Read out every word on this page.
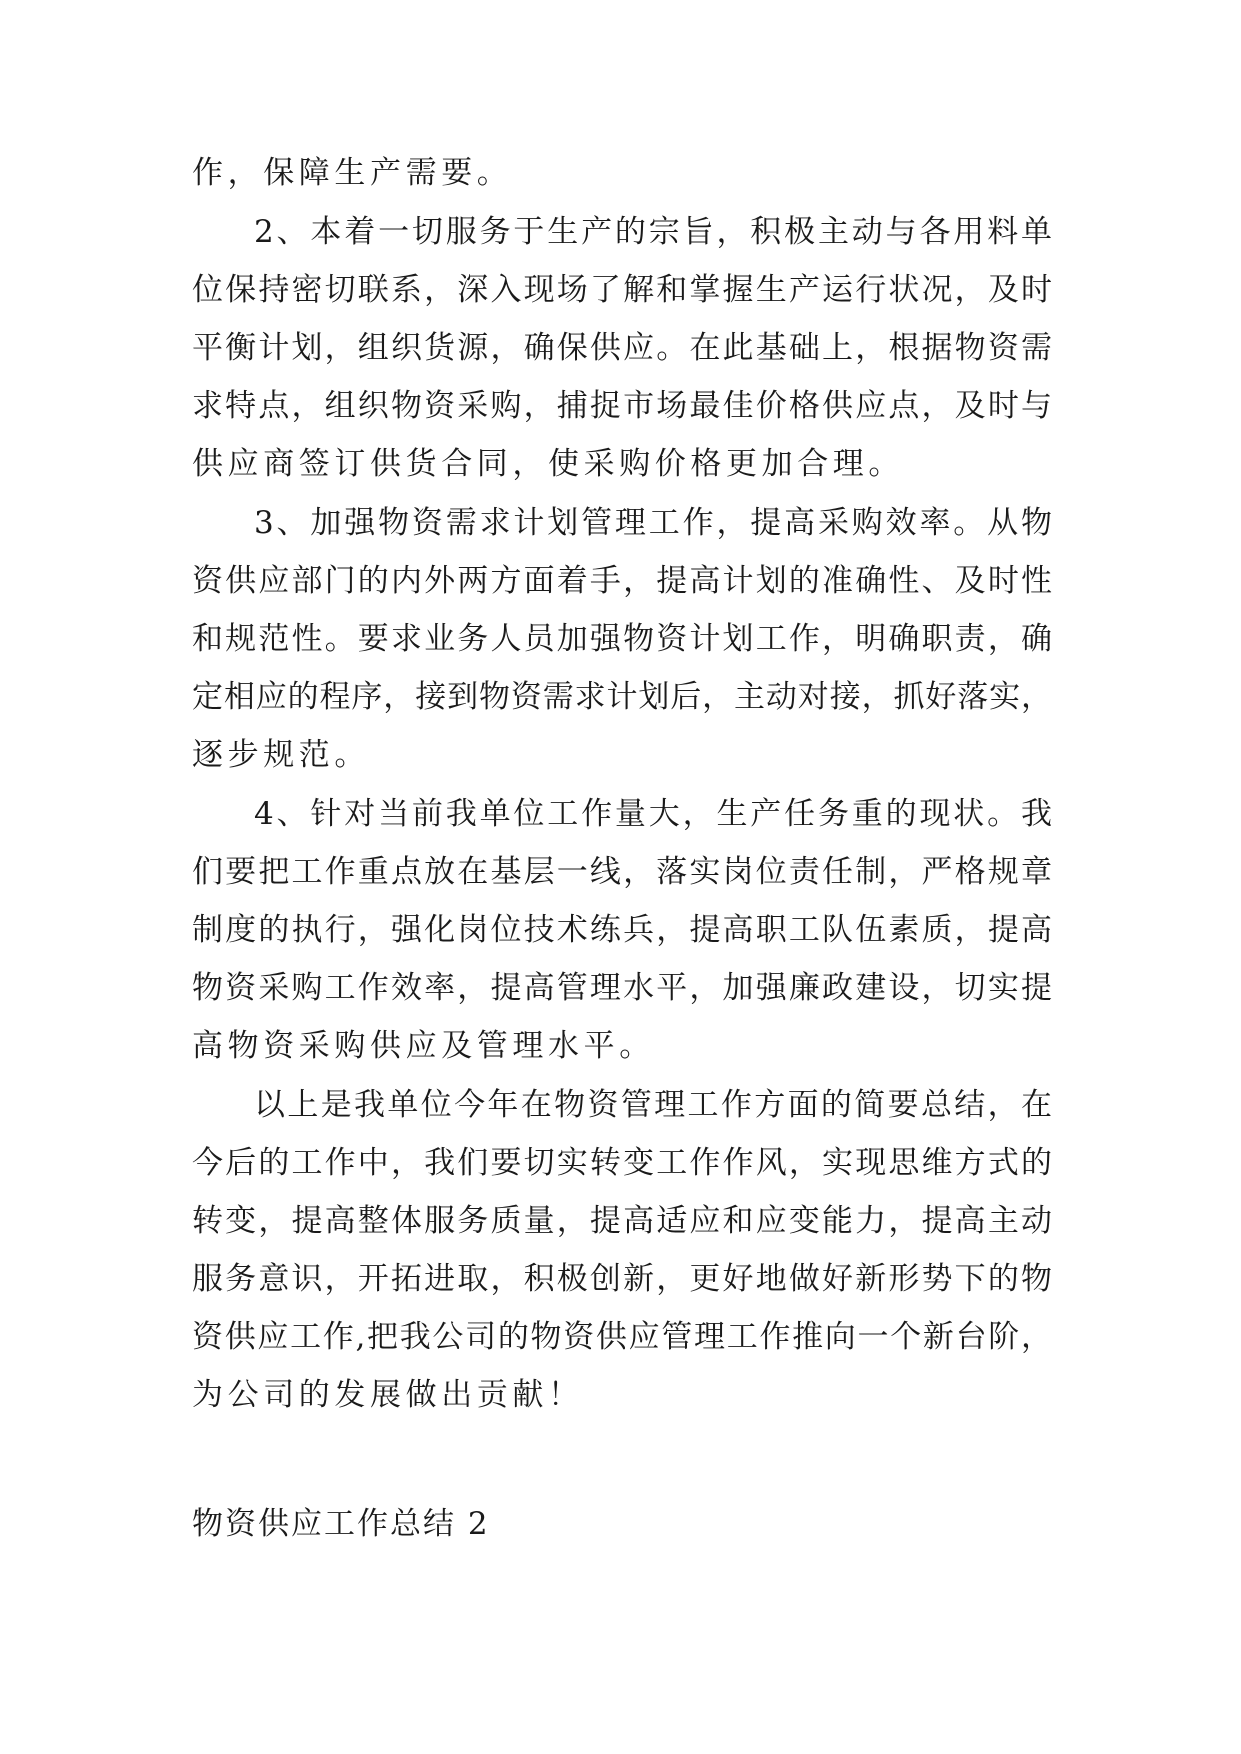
作，保障生产需要。
2、本着一切服务于生产的宗旨，积极主动与各用料单
位保持密切联系，深入现场了解和掌握生产运行状况，及时
平衡计划，组织货源，确保供应。在此基础上，根据物资需
求特点，组织物资采购，捕捉市场最佳价格供应点，及时与
供应商签订供货合同，使采购价格更加合理。
3、加强物资需求计划管理工作，提高采购效率。从物
资供应部门的内外两方面着手，提高计划的准确性、及时性
和规范性。要求业务人员加强物资计划工作，明确职责，确
定相应的程序，接到物资需求计划后，主动对接，抓好落实，
逐步规范。
4、针对当前我单位工作量大，生产任务重的现状。我
们要把工作重点放在基层一线，落实岗位责任制，严格规章
制度的执行，强化岗位技术练兵，提高职工队伍素质，提高
物资采购工作效率，提高管理水平，加强廉政建设，切实提
高物资采购供应及管理水平。
以上是我单位今年在物资管理工作方面的简要总结，在
今后的工作中，我们要切实转变工作作风，实现思维方式的
转变，提高整体服务质量，提高适应和应变能力，提高主动
服务意识，开拓进取，积极创新，更好地做好新形势下的物
资供应工作,把我公司的物资供应管理工作推向一个新台阶，
为公司的发展做出贡献！
物资供应工作总结 2
